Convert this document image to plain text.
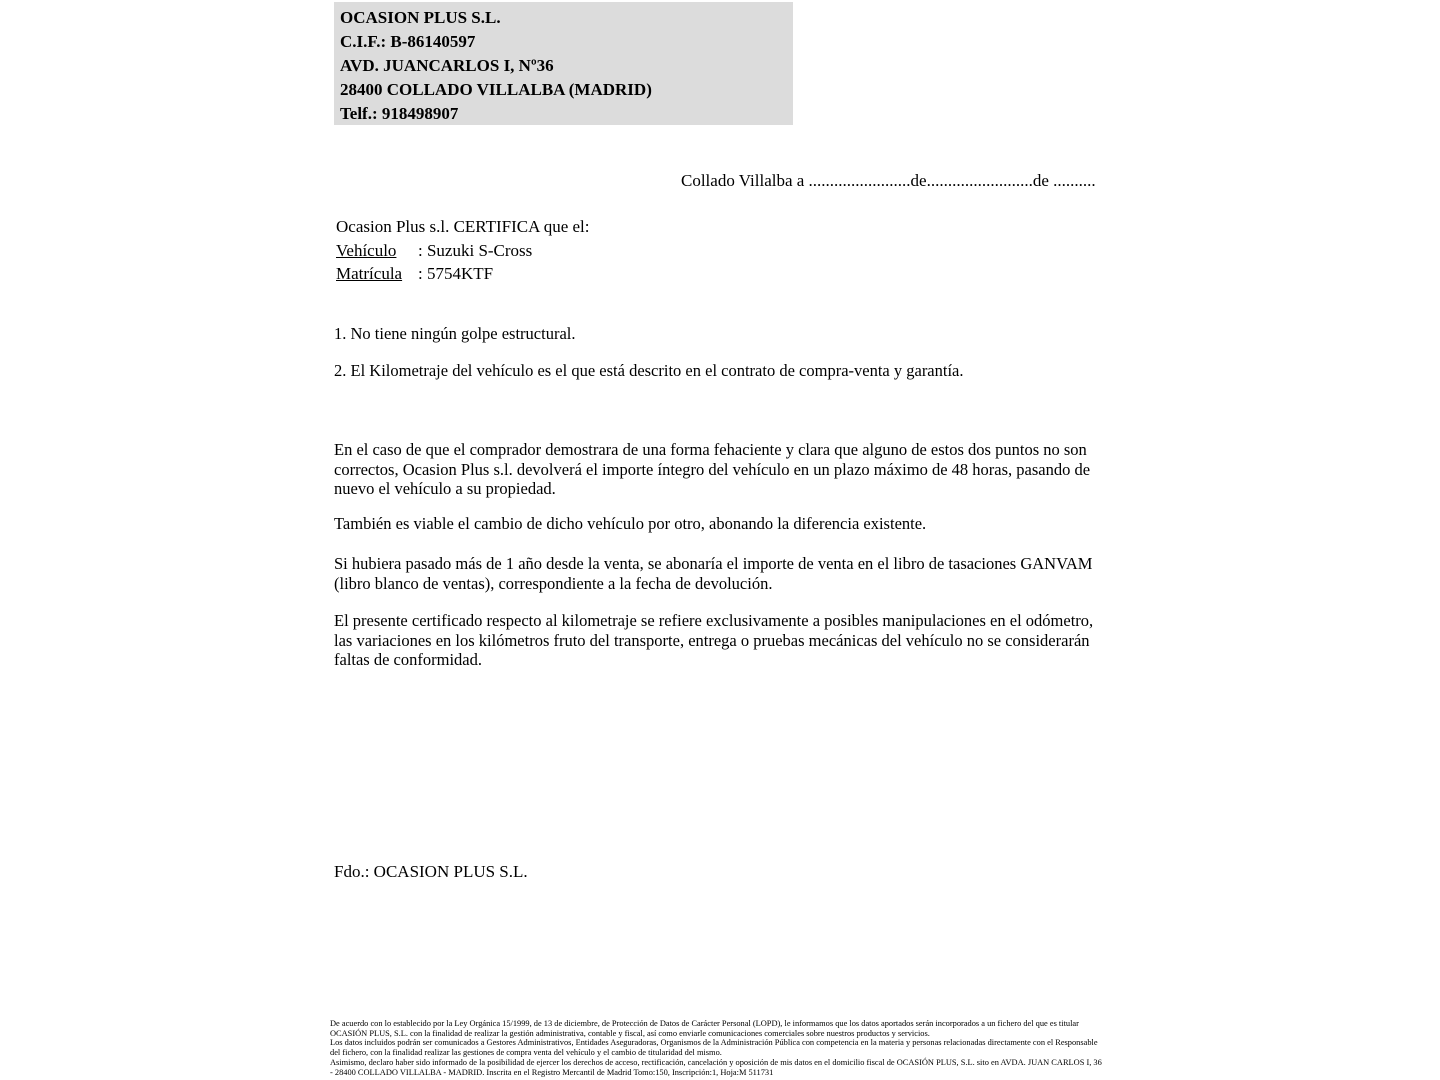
OCASION PLUS S.L.
C.I.F.: B-86140597
AVD. JUANCARLOS I, Nº36
28400 COLLADO VILLALBA (MADRID)
Telf.: 918498907
Collado Villalba a ........................de.........................de ..........
Ocasion Plus s.l. CERTIFICA que el:
Vehículo	: Suzuki S-Cross
Matrícula : 5754KTF
1. No tiene ningún golpe estructural.
2. El Kilometraje del vehículo es el que está descrito en el contrato de compra-venta y garantía.
En el caso de que el comprador demostrara de una forma fehaciente y clara que alguno de estos dos puntos no son correctos, Ocasion Plus s.l. devolverá el importe íntegro del vehículo en un plazo máximo de 48 horas, pasando de nuevo el vehículo a su propiedad.
También es viable el cambio de dicho vehículo por otro, abonando la diferencia existente.
Si hubiera pasado más de 1 año desde la venta, se abonaría el importe de venta en el libro de tasaciones GANVAM (libro blanco de ventas), correspondiente a la fecha de devolución.
El presente certificado respecto al kilometraje se refiere exclusivamente a posibles manipulaciones en el odómetro, las variaciones en los kilómetros fruto del transporte, entrega o pruebas mecánicas del vehículo no se considerarán faltas de conformidad.
Fdo.: OCASION PLUS S.L.
De acuerdo con lo establecido por la Ley Orgánica 15/1999, de 13 de diciembre, de Protección de Datos de Carácter Personal (LOPD), le informamos que los datos aportados serán incorporados a un fichero del que es titular OCASIÓN PLUS, S.L. con la finalidad de realizar la gestión administrativa, contable y fiscal, así como enviarle comunicaciones comerciales sobre nuestros productos y servicios.
Los datos incluidos podrán ser comunicados a Gestores Administrativos, Entidades Aseguradoras, Organismos de la Administración Pública con competencia en la materia y personas relacionadas directamente con el Responsable del fichero, con la finalidad realizar las gestiones de compra venta del vehículo y el cambio de titularidad del mismo.
Asimismo, declaro haber sido informado de la posibilidad de ejercer los derechos de acceso, rectificación, cancelación y oposición de mis datos en el domicilio fiscal de OCASIÓN PLUS, S.L. sito en AVDA. JUAN CARLOS I, 36 - 28400 COLLADO VILLALBA - MADRID. Inscrita en el Registro Mercantil de Madrid Tomo:150, Inscripción:1, Hoja:M 511731
